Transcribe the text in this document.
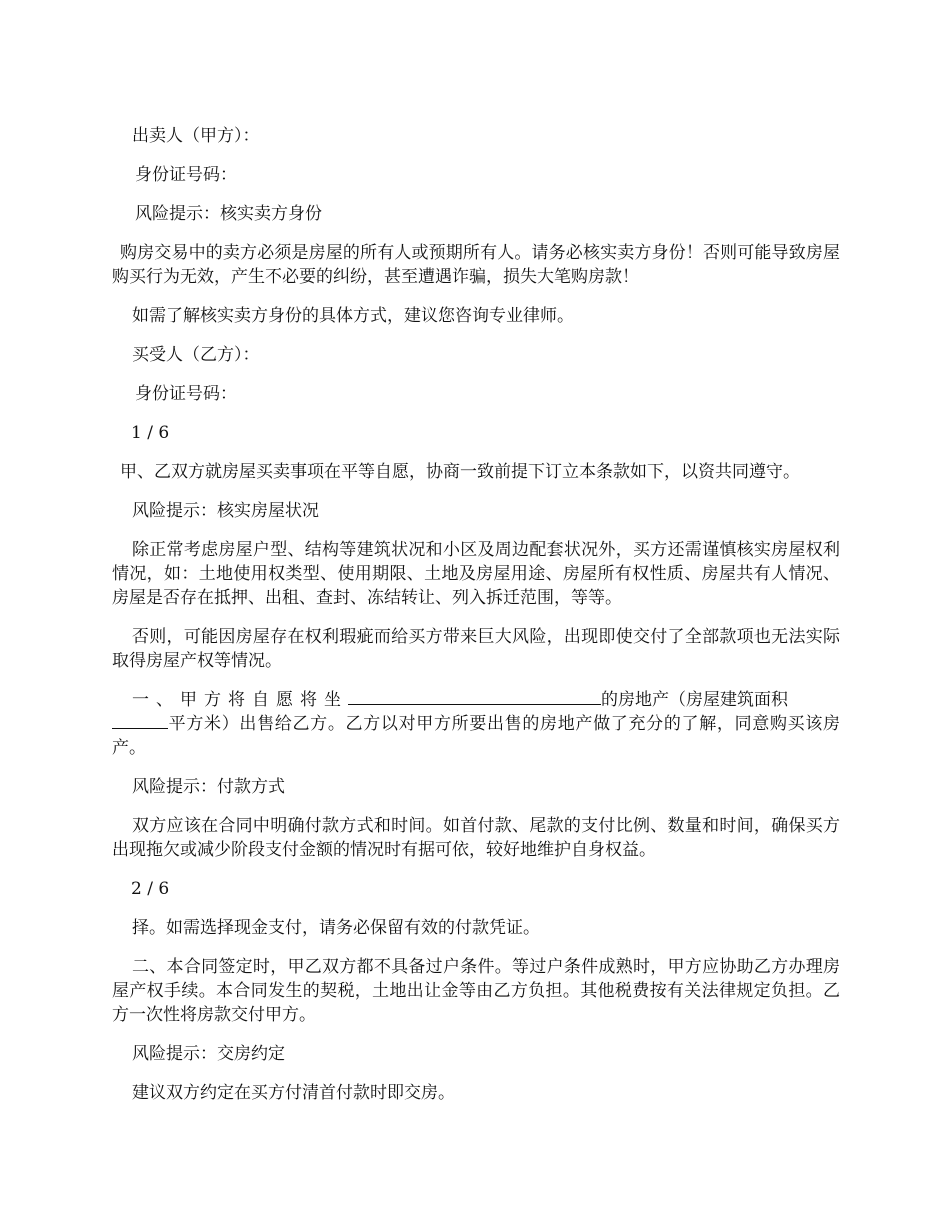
出卖人（甲方）：

身份证号码：

风险提示：核实卖方身份

购房交易中的卖方必须是房屋的所有人或预期所有人。请务必核实卖方身份！否则可能导致房屋购买行为无效，产生不必要的纠纷，甚至遭遇诈骗，损失大笔购房款！

如需了解核实卖方身份的具体方式，建议您咨询专业律师。

买受人（乙方）：

身份证号码：

1 / 6

甲、乙双方就房屋买卖事项在平等自愿，协商一致前提下订立本条款如下，以资共同遵守。

风险提示：核实房屋状况

除正常考虑房屋户型、结构等建筑状况和小区及周边配套状况外，买方还需谨慎核实房屋权利情况，如：土地使用权类型、使用期限、土地及房屋用途、房屋所有权性质、房屋共有人情况、房屋是否存在抵押、出租、查封、冻结转让、列入拆迁范围，等等。

否则，可能因房屋存在权利瑕疵而给买方带来巨大风险，出现即使交付了全部款项也无法实际取得房屋产权等情况。

一、甲方将自愿将坐	的房地产（房屋建筑面积
平方米）出售给乙方。乙方以对甲方所要出售的房地产做了充分的了解，同意购买该房产。

风险提示：付款方式

双方应该在合同中明确付款方式和时间。如首付款、尾款的支付比例、数量和时间，确保买方出现拖欠或减少阶段支付金额的情况时有据可依，较好地维护自身权益。

2 / 6

择。如需选择现金支付，请务必保留有效的付款凭证。

二、本合同签定时，甲乙双方都不具备过户条件。等过户条件成熟时，甲方应协助乙方办理房屋产权手续。本合同发生的契税，土地出让金等由乙方负担。其他税费按有关法律规定负担。乙方一次性将房款交付甲方。

风险提示：交房约定

建议双方约定在买方付清首付款时即交房。
